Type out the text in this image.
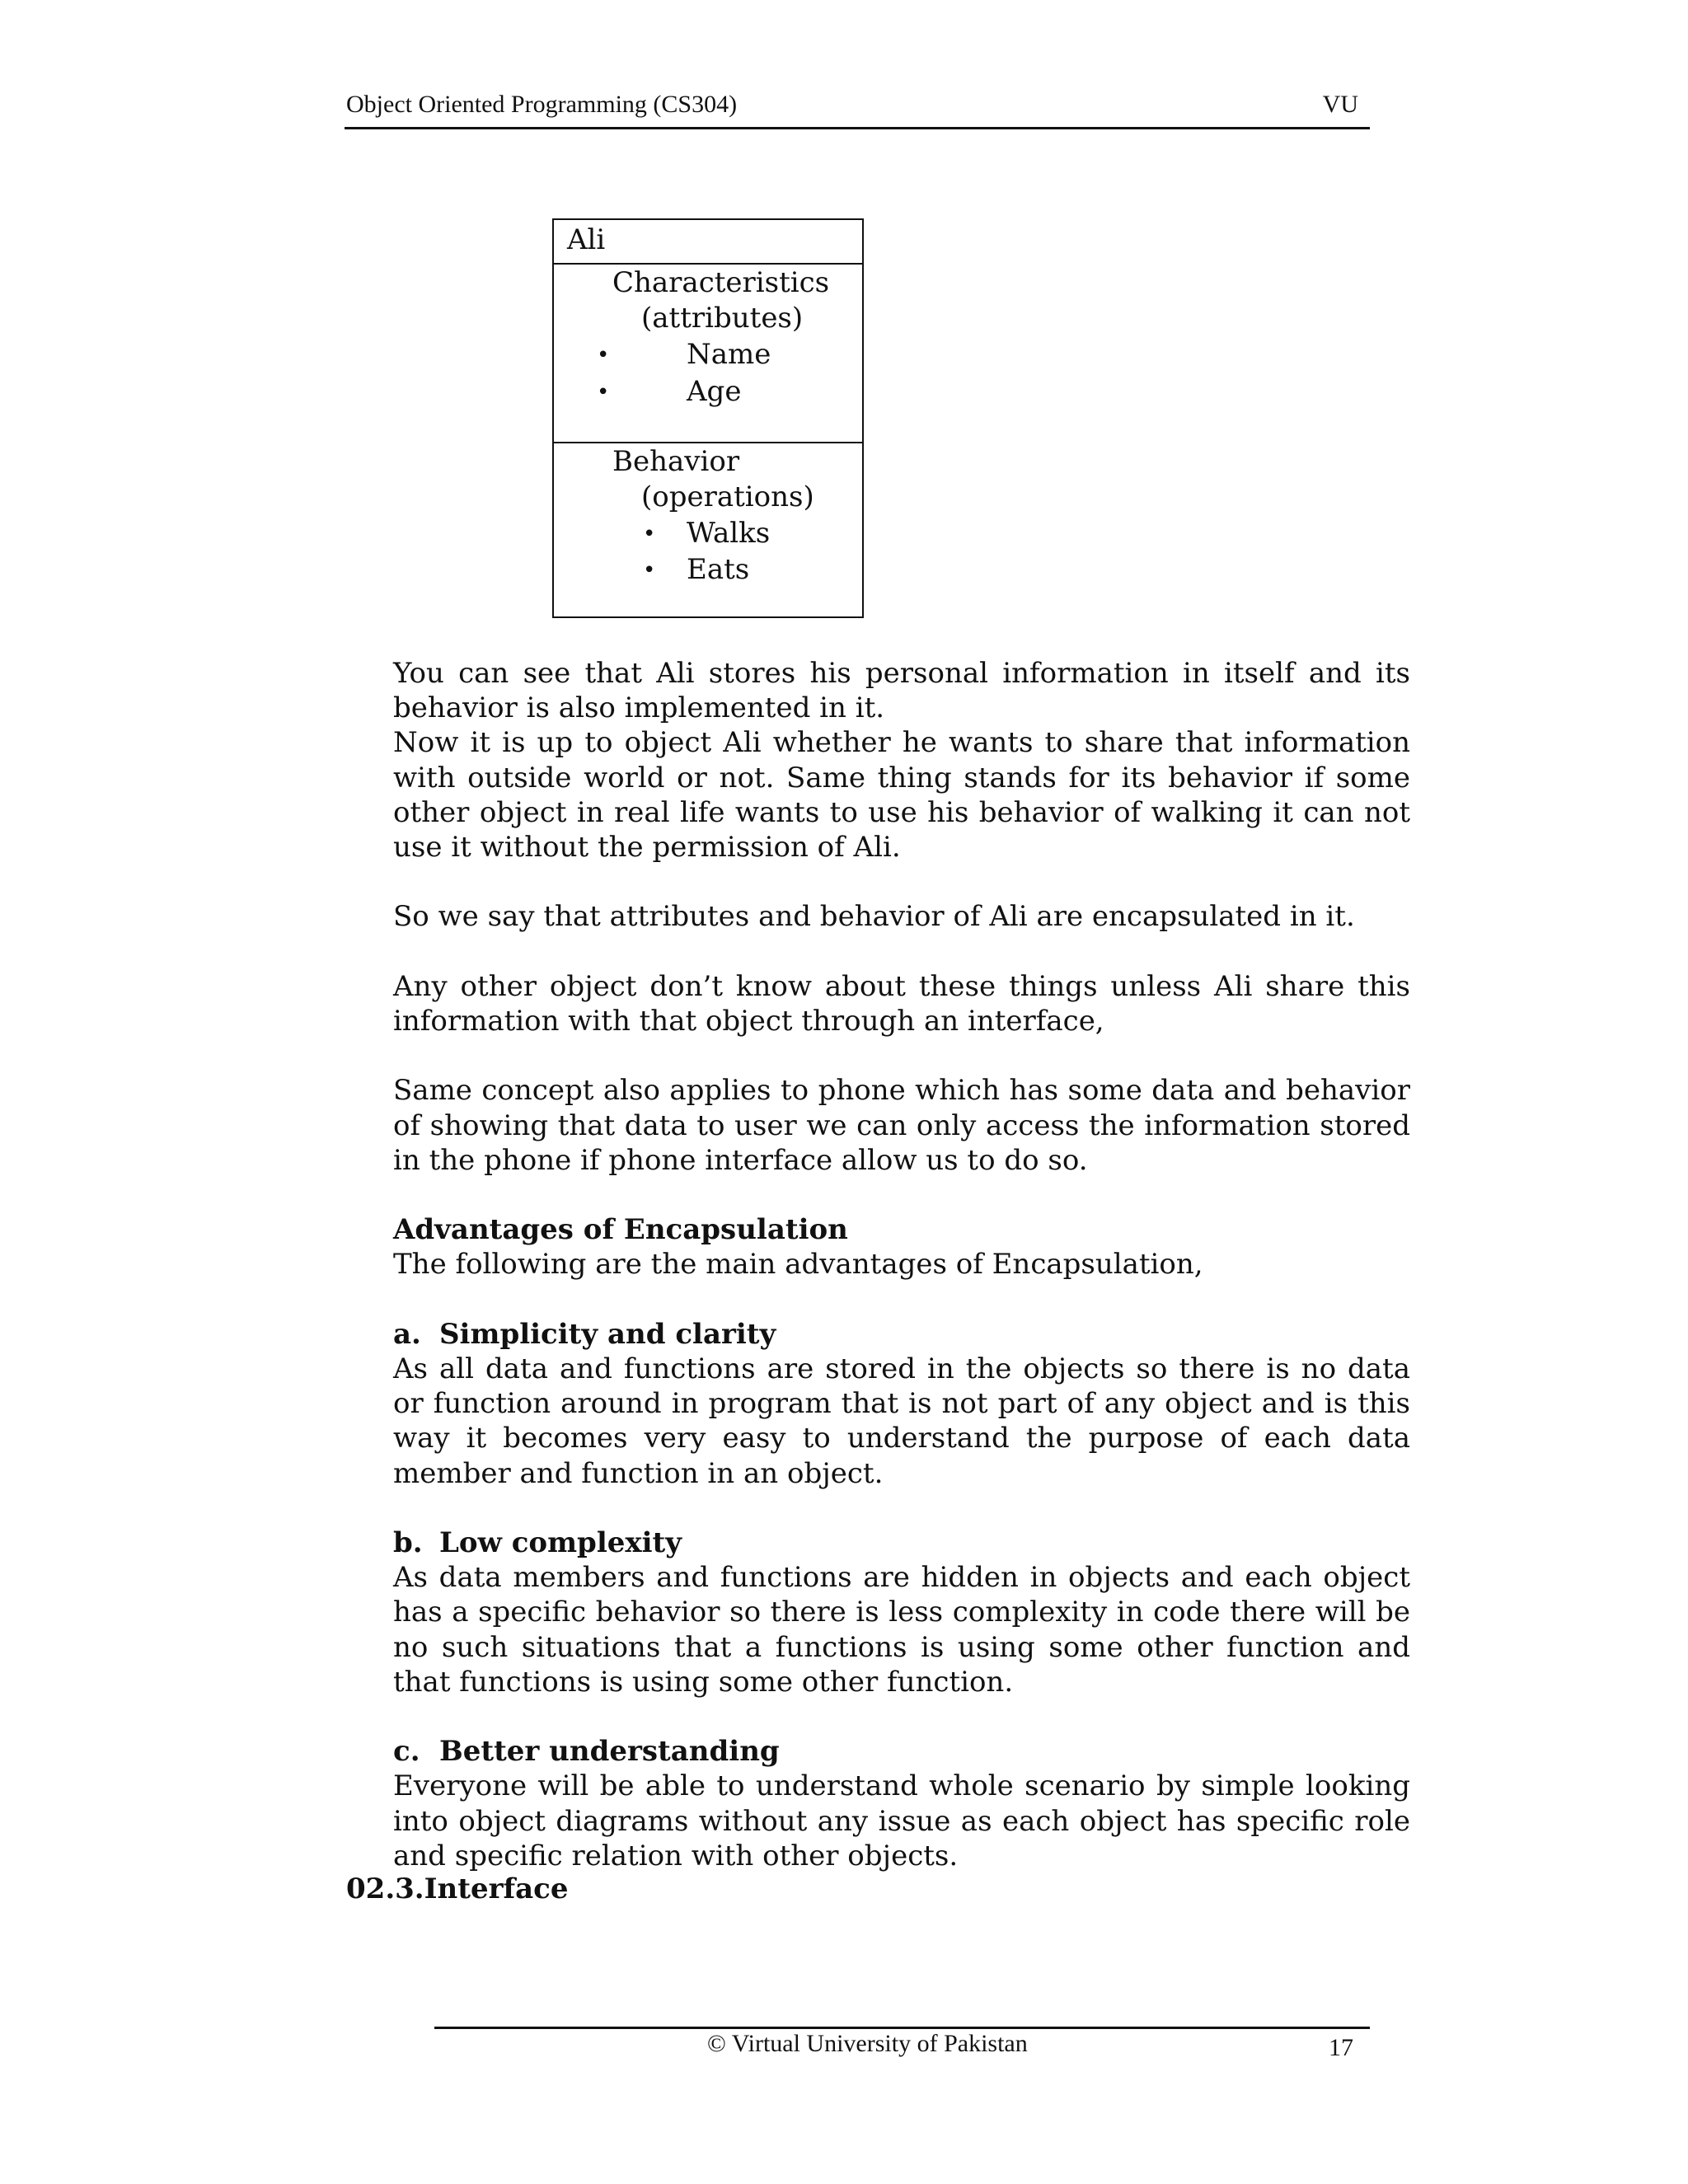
Object Oriented Programming (CS304)	VU
Ali
Characteristics
(attributes)
•	Name
•	Age
Behavior
(operations)
• Walks
• Eats

You can see that Ali stores his personal information in itself and its behavior is also implemented in it.

Now it is up to object Ali whether he wants to share that information with outside world or not. Same thing stands for its behavior if some other object in real life wants to use his behavior of walking it can not use it without the permission of Ali.

So we say that attributes and behavior of Ali are encapsulated in it.

Any other object don’t know about these things unless Ali share this information with that object through an interface,

Same concept also applies to phone which has some data and behavior of showing that data to user we can only access the information stored in the phone if phone interface allow us to do so.

Advantages of Encapsulation

The following are the main advantages of Encapsulation,

a. Simplicity and clarity

As all data and functions are stored in the objects so there is no data or function around in program that is not part of any object and is this way it becomes very easy to understand the purpose of each data member and function in an object.

b. Low complexity

As data members and functions are hidden in objects and each object has a specific behavior so there is less complexity in code there will be no such situations that a functions is using some other function and that functions is using some other function.

c. Better understanding

Everyone will be able to understand whole scenario by simple looking into object diagrams without any issue as each object has specific role and specific relation with other objects.

02.3.Interface
© Virtual University of Pakistan	17
